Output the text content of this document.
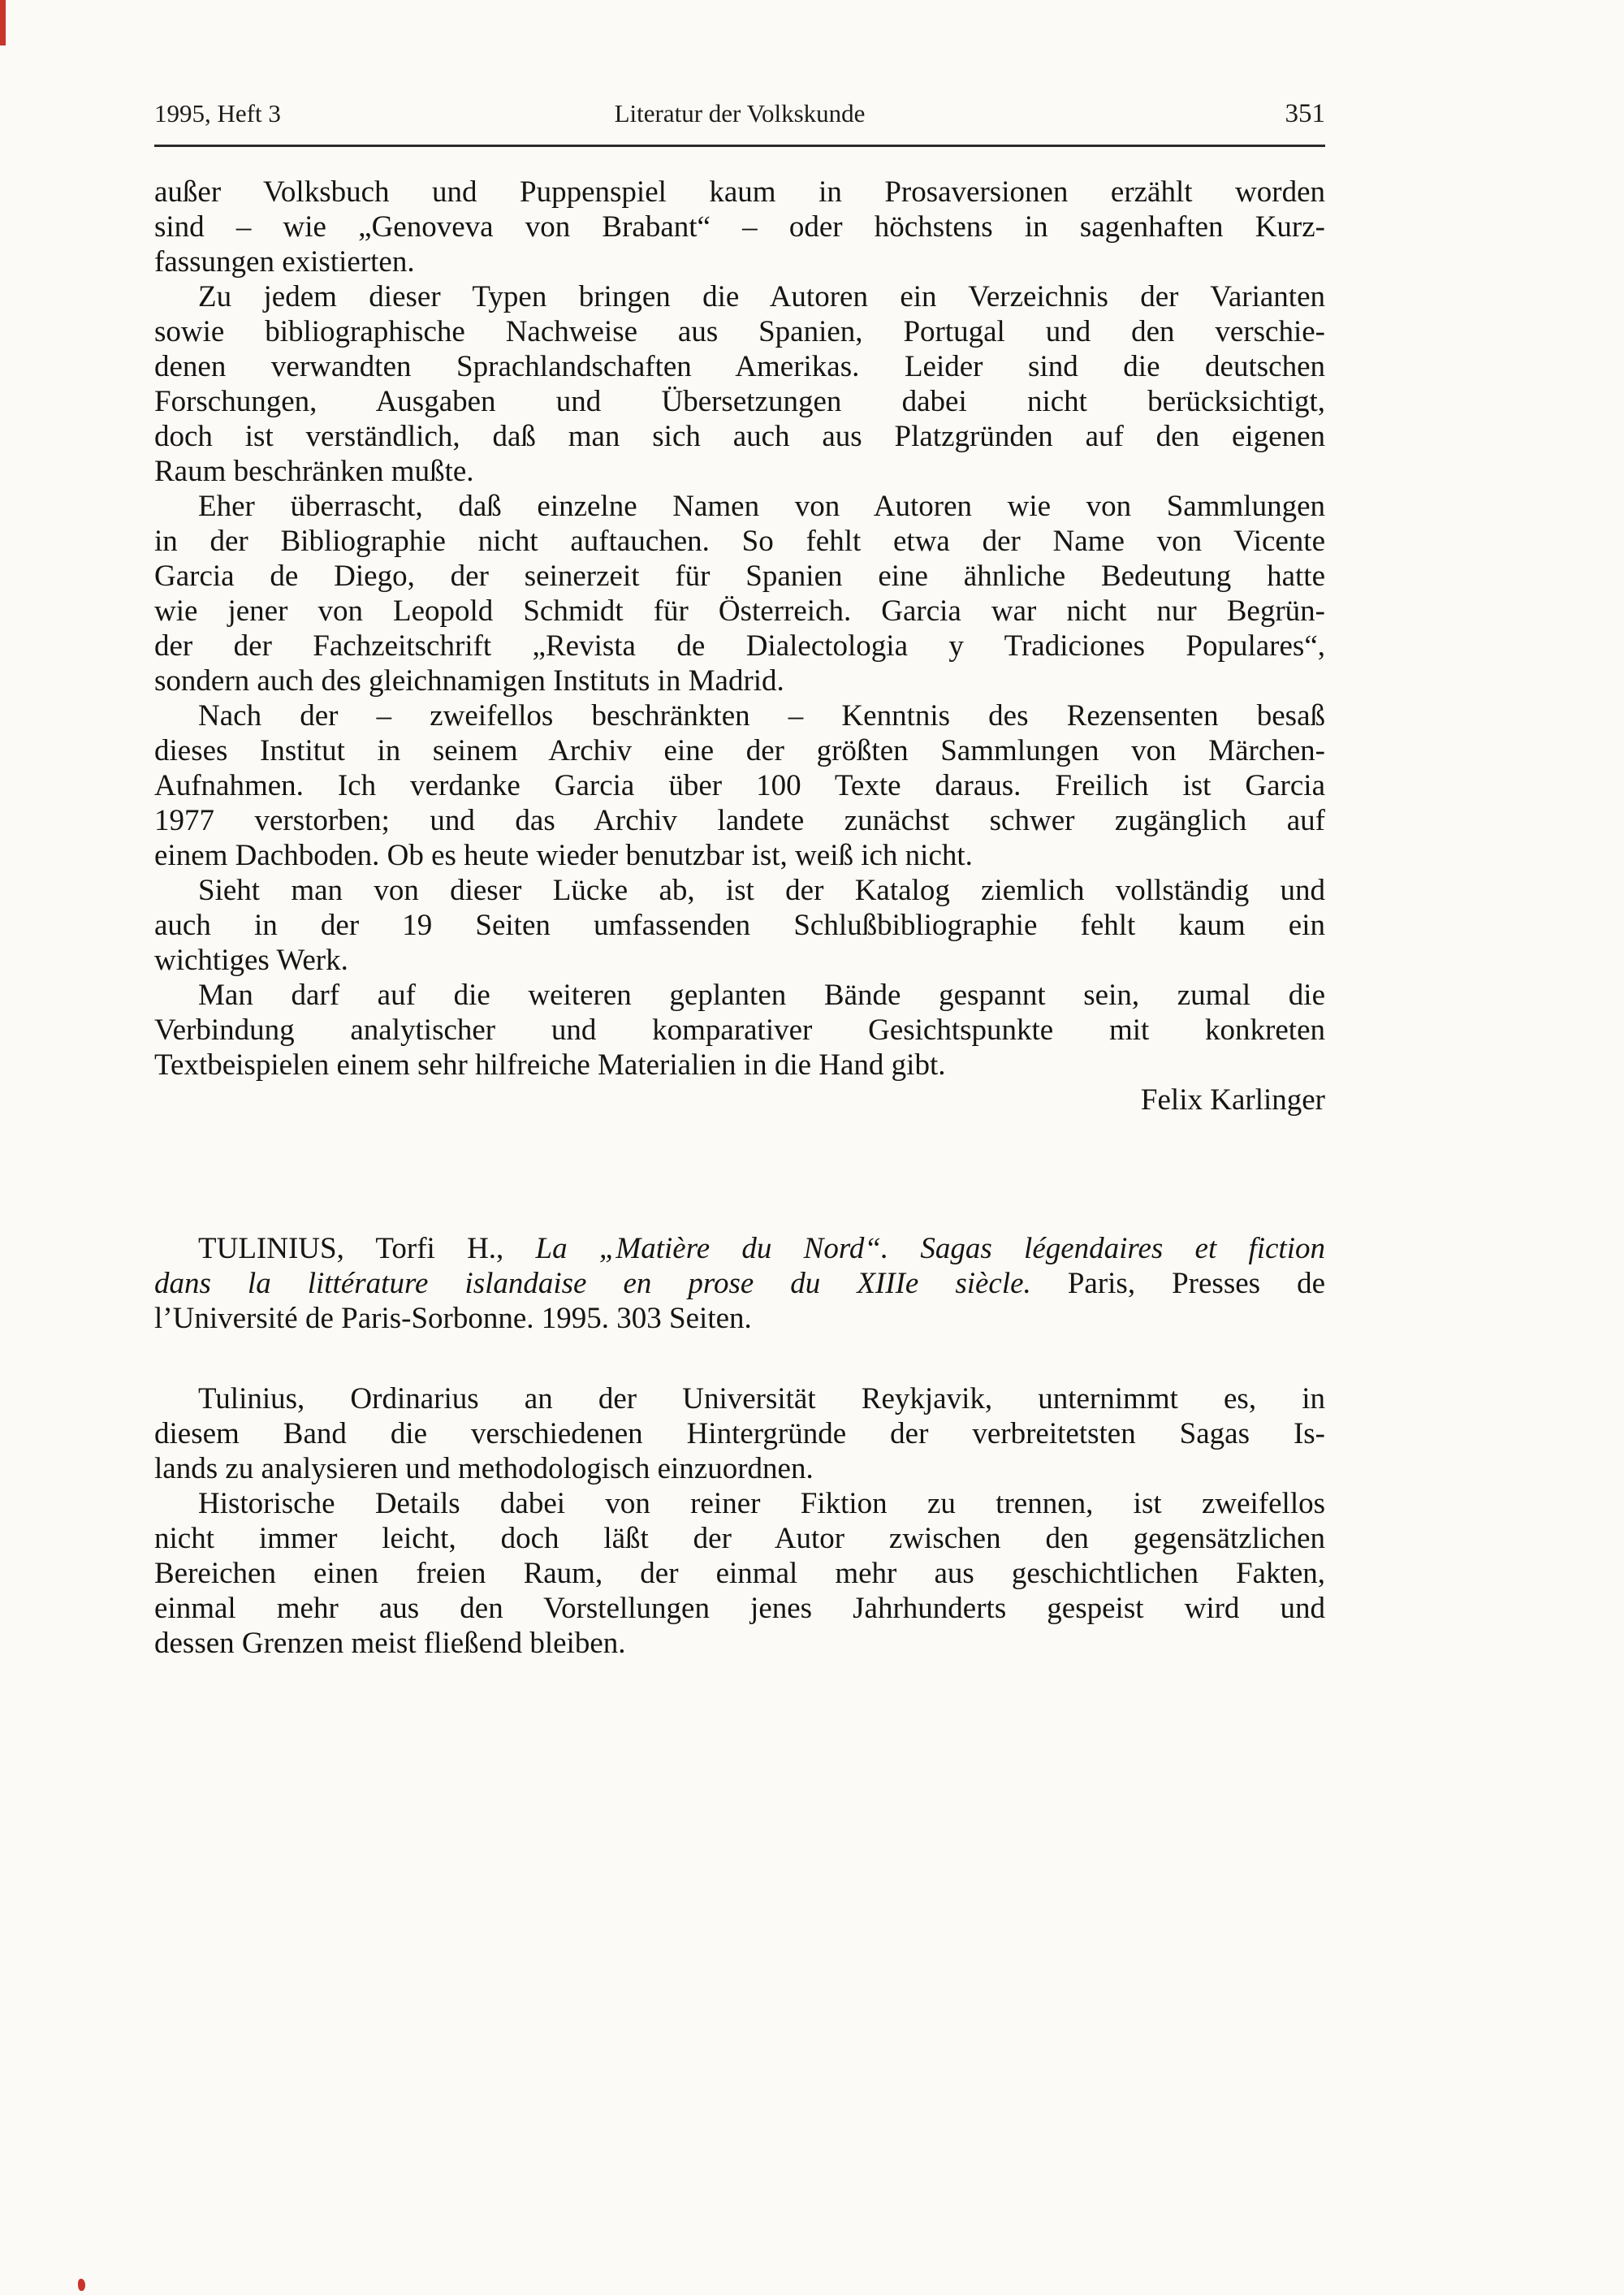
1995, Heft 3	Literatur der Volkskunde	351

außer Volksbuch und Puppenspiel kaum in Prosaversionen erzählt worden
sind – wie „Genoveva von Brabant“ – oder höchstens in sagenhaften Kurz-
fassungen existierten.

Zu jedem dieser Typen bringen die Autoren ein Verzeichnis der Varianten
sowie bibliographische Nachweise aus Spanien, Portugal und den verschie-
denen verwandten Sprachlandschaften Amerikas. Leider sind die deutschen
Forschungen, Ausgaben und Übersetzungen dabei nicht berücksichtigt,
doch ist verständlich, daß man sich auch aus Platzgründen auf den eigenen
Raum beschränken mußte.

Eher überrascht, daß einzelne Namen von Autoren wie von Sammlungen
in der Bibliographie nicht auftauchen. So fehlt etwa der Name von Vicente
Garcia de Diego, der seinerzeit für Spanien eine ähnliche Bedeutung hatte
wie jener von Leopold Schmidt für Österreich. Garcia war nicht nur Begrün-
der der Fachzeitschrift „Revista de Dialectologia y Tradiciones Populares“,
sondern auch des gleichnamigen Instituts in Madrid.

Nach der – zweifellos beschränkten – Kenntnis des Rezensenten besaß
dieses Institut in seinem Archiv eine der größten Sammlungen von Märchen-
Aufnahmen. Ich verdanke Garcia über 100 Texte daraus. Freilich ist Garcia
1977 verstorben; und das Archiv landete zunächst schwer zugänglich auf
einem Dachboden. Ob es heute wieder benutzbar ist, weiß ich nicht.

Sieht man von dieser Lücke ab, ist der Katalog ziemlich vollständig und
auch in der 19 Seiten umfassenden Schlußbibliographie fehlt kaum ein
wichtiges Werk.

Man darf auf die weiteren geplanten Bände gespannt sein, zumal die
Verbindung analytischer und komparativer Gesichtspunkte mit konkreten
Textbeispielen einem sehr hilfreiche Materialien in die Hand gibt.

Felix Karlinger

TULINIUS, Torfi H., La „Matière du Nord“. Sagas légendaires et fiction
dans la littérature islandaise en prose du XIIIe siècle. Paris, Presses de
l’Université de Paris-Sorbonne. 1995. 303 Seiten.

Tulinius, Ordinarius an der Universität Reykjavik, unternimmt es, in
diesem Band die verschiedenen Hintergründe der verbreitetsten Sagas Is-
lands zu analysieren und methodologisch einzuordnen.

Historische Details dabei von reiner Fiktion zu trennen, ist zweifellos
nicht immer leicht, doch läßt der Autor zwischen den gegensätzlichen
Bereichen einen freien Raum, der einmal mehr aus geschichtlichen Fakten,
einmal mehr aus den Vorstellungen jenes Jahrhunderts gespeist wird und
dessen Grenzen meist fließend bleiben.
